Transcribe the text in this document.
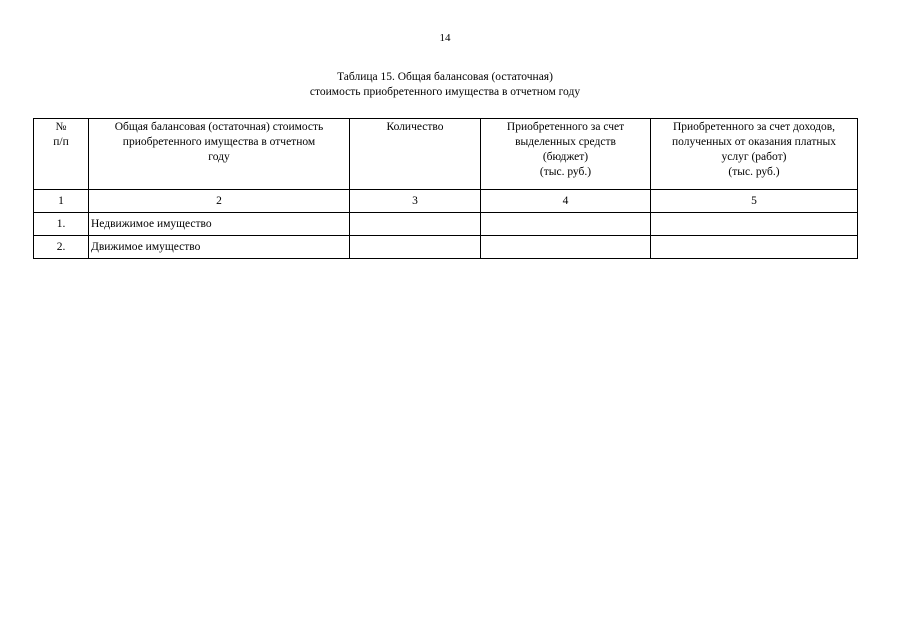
14
Таблица 15. Общая балансовая (остаточная)
стоимость приобретенного имущества в отчетном году
№
п/п	Общая балансовая (остаточная) стоимость
приобретенного имущества в отчетном
году	Количество	Приобретенного за счет
выделенных средств
(бюджет)
(тыс. руб.)	Приобретенного за счет доходов,
полученных от оказания платных
услуг (работ)
(тыс. руб.)

1	2	3	4	5
1.	Недвижимое имущество			
2.	Движимое имущество			
